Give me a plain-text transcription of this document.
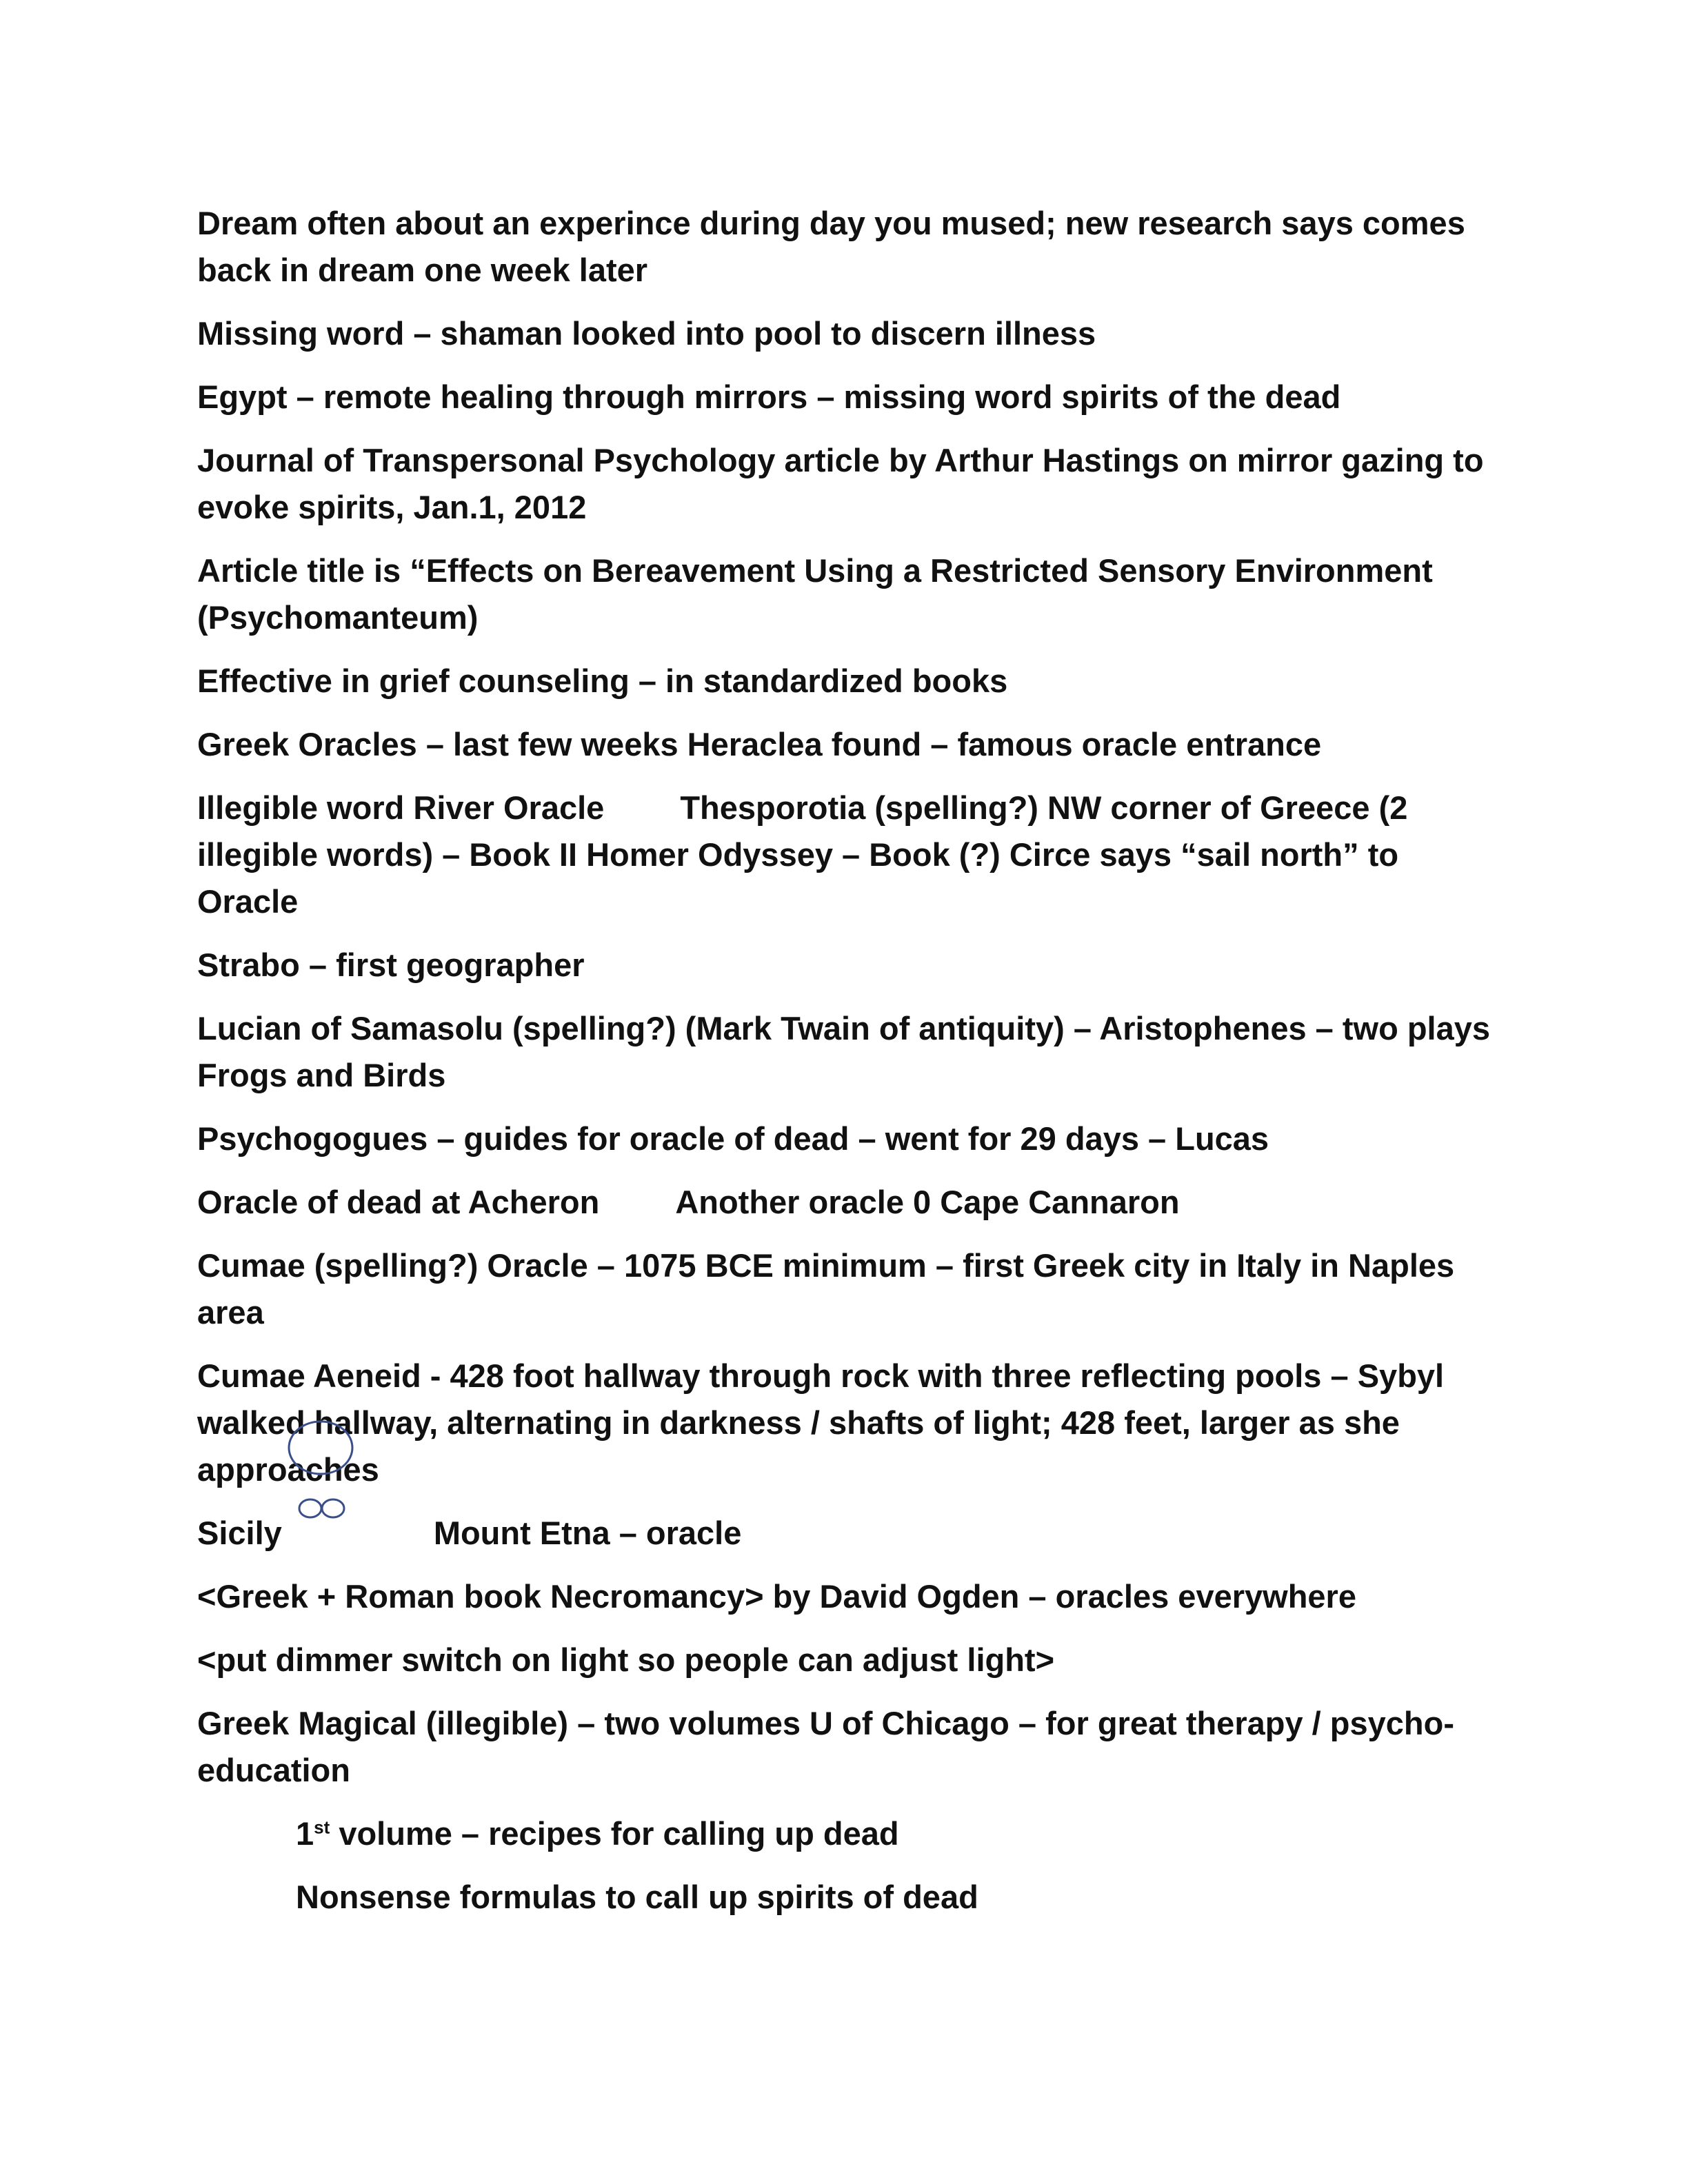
Dream often about an experince during day you mused; new research says comes back in dream one week later

Missing word – shaman looked into pool to discern illness

Egypt – remote healing through mirrors – missing word spirits of the dead

Journal of Transpersonal Psychology article by Arthur Hastings on mirror gazing to evoke spirits, Jan.1, 2012

Article title is “Effects on Bereavement Using a Restricted Sensory Environment (Psychomanteum)

Effective in grief counseling – in standardized books

Greek Oracles – last few weeks Heraclea found – famous oracle entrance

Illegible word River Oracle Thesporotia (spelling?) NW corner of Greece (2 illegible words) – Book II Homer Odyssey – Book (?) Circe says “sail north” to Oracle

Strabo – first geographer

Lucian of Samasolu (spelling?) (Mark Twain of antiquity) – Aristophenes – two plays Frogs and Birds

Psychogogues – guides for oracle of dead – went for 29 days – Lucas

Oracle of dead at Acheron Another oracle 0 Cape Cannaron

Cumae (spelling?) Oracle – 1075 BCE minimum – first Greek city in Italy in Naples area

Cumae Aeneid - 428 foot hallway through rock with three reflecting pools – Sybyl walked hallway, alternating in darkness / shafts of light; 428 feet, larger as she approaches

Sicily	Mount Etna – oracle

<Greek + Roman book Necromancy> by David Ogden – oracles everywhere

<put dimmer switch on light so people can adjust light>

Greek Magical (illegible) – two volumes U of Chicago – for great therapy / psycho-education

1st volume – recipes for calling up dead

Nonsense formulas to call up spirits of dead
